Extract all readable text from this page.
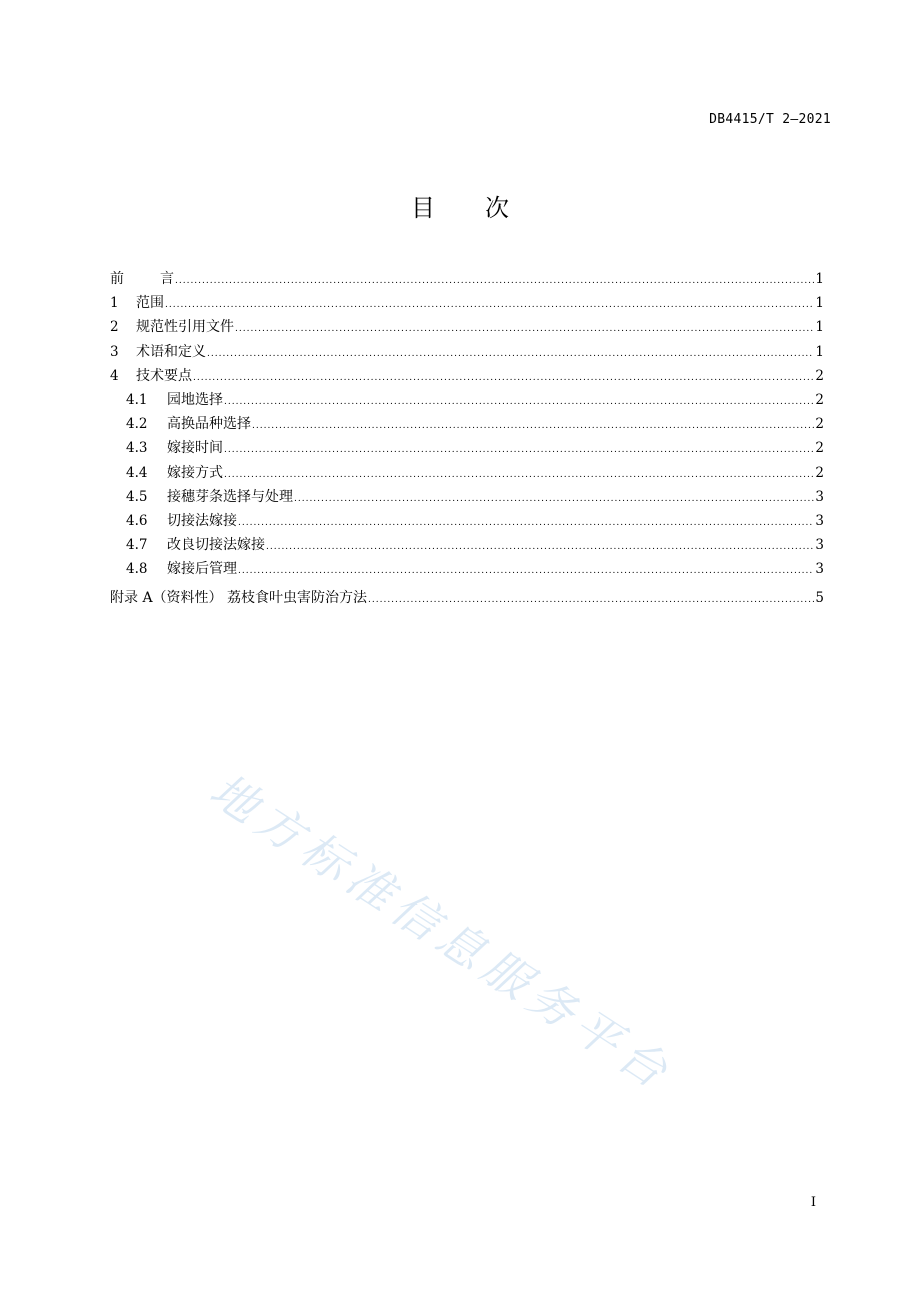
DB4415/T 2—2021
目次
前	言 .....	1
1	范围 .....	1
2	规范性引用文件 .....	1
3	术语和定义 .....	1
4	技术要点 .....	2
4.1	园地选择 .....	2
4.2	高换品种选择 .....	2
4.3	嫁接时间 .....	2
4.4	嫁接方式 .....	2
4.5	接穗芽条选择与处理 .....	3
4.6	切接法嫁接 .....	3
4.7	改良切接法嫁接 .....	3
4.8	嫁接后管理 .....	3
附录 A（资料性） 荔枝食叶虫害防治方法 .....	5
地方标准信息服务平台
I
